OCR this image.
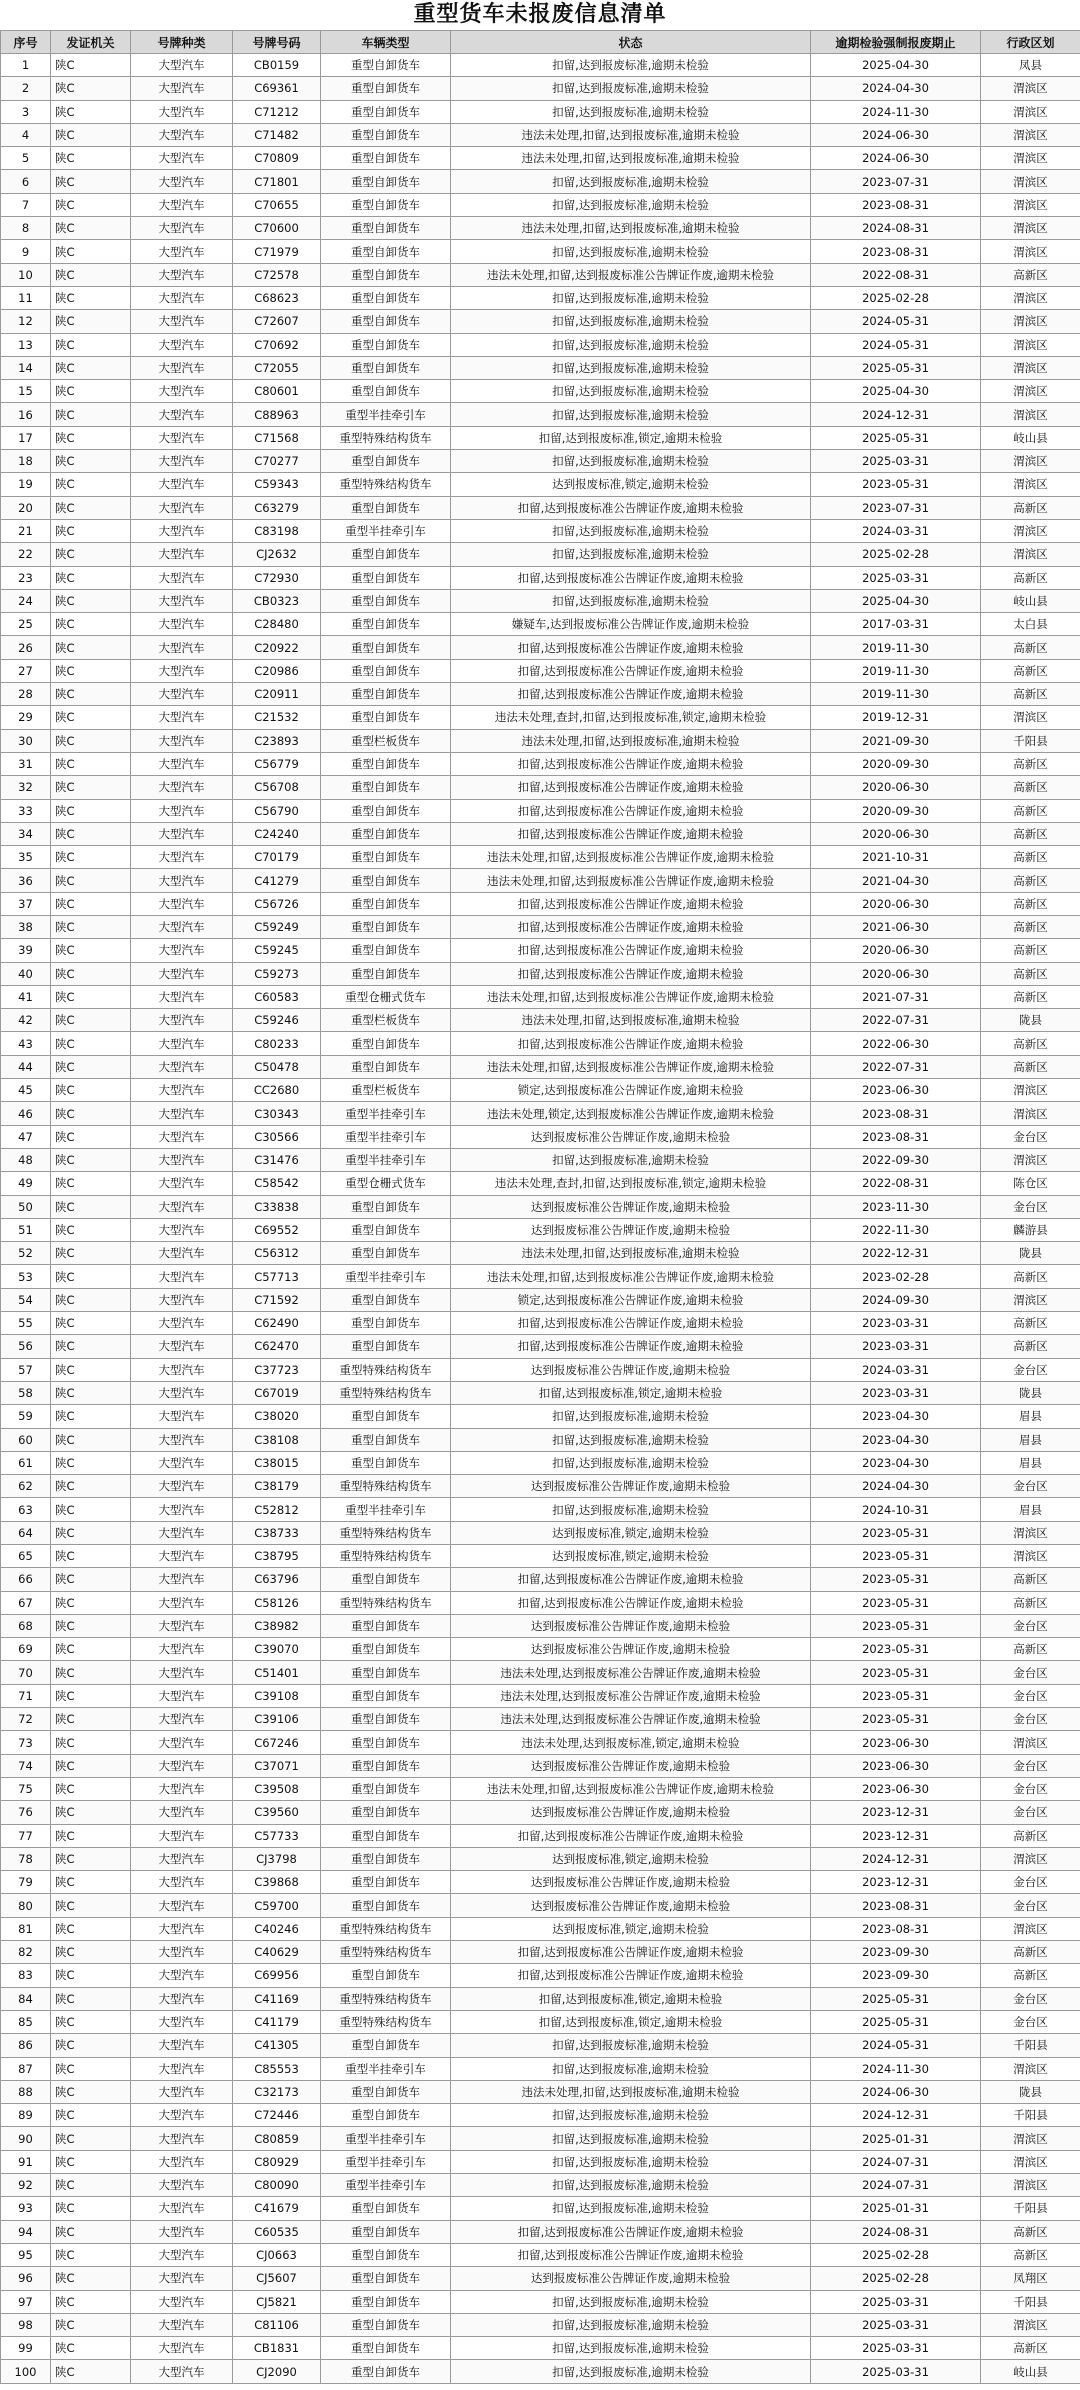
重型货车未报废信息清单
序号	发证机关	号牌种类	号牌号码	车辆类型	状态	逾期检验强制报废期止	行政区划
1	陕C	大型汽车	CB0159	重型自卸货车	扣留,达到报废标准,逾期未检验	2025-04-30	凤县
2	陕C	大型汽车	C69361	重型自卸货车	扣留,达到报废标准,逾期未检验	2024-04-30	渭滨区
3	陕C	大型汽车	C71212	重型自卸货车	扣留,达到报废标准,逾期未检验	2024-11-30	渭滨区
4	陕C	大型汽车	C71482	重型自卸货车	违法未处理,扣留,达到报废标准,逾期未检验	2024-06-30	渭滨区
5	陕C	大型汽车	C70809	重型自卸货车	违法未处理,扣留,达到报废标准,逾期未检验	2024-06-30	渭滨区
6	陕C	大型汽车	C71801	重型自卸货车	扣留,达到报废标准,逾期未检验	2023-07-31	渭滨区
7	陕C	大型汽车	C70655	重型自卸货车	扣留,达到报废标准,逾期未检验	2023-08-31	渭滨区
8	陕C	大型汽车	C70600	重型自卸货车	违法未处理,扣留,达到报废标准,逾期未检验	2024-08-31	渭滨区
9	陕C	大型汽车	C71979	重型自卸货车	扣留,达到报废标准,逾期未检验	2023-08-31	渭滨区
10	陕C	大型汽车	C72578	重型自卸货车	违法未处理,扣留,达到报废标准公告牌证作废,逾期未检验	2022-08-31	高新区
11	陕C	大型汽车	C68623	重型自卸货车	扣留,达到报废标准,逾期未检验	2025-02-28	渭滨区
12	陕C	大型汽车	C72607	重型自卸货车	扣留,达到报废标准,逾期未检验	2024-05-31	渭滨区
13	陕C	大型汽车	C70692	重型自卸货车	扣留,达到报废标准,逾期未检验	2024-05-31	渭滨区
14	陕C	大型汽车	C72055	重型自卸货车	扣留,达到报废标准,逾期未检验	2025-05-31	渭滨区
15	陕C	大型汽车	C80601	重型自卸货车	扣留,达到报废标准,逾期未检验	2025-04-30	渭滨区
16	陕C	大型汽车	C88963	重型半挂牵引车	扣留,达到报废标准,逾期未检验	2024-12-31	渭滨区
17	陕C	大型汽车	C71568	重型特殊结构货车	扣留,达到报废标准,锁定,逾期未检验	2025-05-31	岐山县
18	陕C	大型汽车	C70277	重型自卸货车	扣留,达到报废标准,逾期未检验	2025-03-31	渭滨区
19	陕C	大型汽车	C59343	重型特殊结构货车	达到报废标准,锁定,逾期未检验	2023-05-31	渭滨区
20	陕C	大型汽车	C63279	重型自卸货车	扣留,达到报废标准公告牌证作废,逾期未检验	2023-07-31	高新区
21	陕C	大型汽车	C83198	重型半挂牵引车	扣留,达到报废标准,逾期未检验	2024-03-31	渭滨区
22	陕C	大型汽车	CJ2632	重型自卸货车	扣留,达到报废标准,逾期未检验	2025-02-28	渭滨区
23	陕C	大型汽车	C72930	重型自卸货车	扣留,达到报废标准公告牌证作废,逾期未检验	2025-03-31	高新区
24	陕C	大型汽车	CB0323	重型自卸货车	扣留,达到报废标准,逾期未检验	2025-04-30	岐山县
25	陕C	大型汽车	C28480	重型自卸货车	嫌疑车,达到报废标准公告牌证作废,逾期未检验	2017-03-31	太白县
26	陕C	大型汽车	C20922	重型自卸货车	扣留,达到报废标准公告牌证作废,逾期未检验	2019-11-30	高新区
27	陕C	大型汽车	C20986	重型自卸货车	扣留,达到报废标准公告牌证作废,逾期未检验	2019-11-30	高新区
28	陕C	大型汽车	C20911	重型自卸货车	扣留,达到报废标准公告牌证作废,逾期未检验	2019-11-30	高新区
29	陕C	大型汽车	C21532	重型自卸货车	违法未处理,查封,扣留,达到报废标准,锁定,逾期未检验	2019-12-31	渭滨区
30	陕C	大型汽车	C23893	重型栏板货车	违法未处理,扣留,达到报废标准,逾期未检验	2021-09-30	千阳县
31	陕C	大型汽车	C56779	重型自卸货车	扣留,达到报废标准公告牌证作废,逾期未检验	2020-09-30	高新区
32	陕C	大型汽车	C56708	重型自卸货车	扣留,达到报废标准公告牌证作废,逾期未检验	2020-06-30	高新区
33	陕C	大型汽车	C56790	重型自卸货车	扣留,达到报废标准公告牌证作废,逾期未检验	2020-09-30	高新区
34	陕C	大型汽车	C24240	重型自卸货车	扣留,达到报废标准公告牌证作废,逾期未检验	2020-06-30	高新区
35	陕C	大型汽车	C70179	重型自卸货车	违法未处理,扣留,达到报废标准公告牌证作废,逾期未检验	2021-10-31	高新区
36	陕C	大型汽车	C41279	重型自卸货车	违法未处理,扣留,达到报废标准公告牌证作废,逾期未检验	2021-04-30	高新区
37	陕C	大型汽车	C56726	重型自卸货车	扣留,达到报废标准公告牌证作废,逾期未检验	2020-06-30	高新区
38	陕C	大型汽车	C59249	重型自卸货车	扣留,达到报废标准公告牌证作废,逾期未检验	2021-06-30	高新区
39	陕C	大型汽车	C59245	重型自卸货车	扣留,达到报废标准公告牌证作废,逾期未检验	2020-06-30	高新区
40	陕C	大型汽车	C59273	重型自卸货车	扣留,达到报废标准公告牌证作废,逾期未检验	2020-06-30	高新区
41	陕C	大型汽车	C60583	重型仓栅式货车	违法未处理,扣留,达到报废标准公告牌证作废,逾期未检验	2021-07-31	高新区
42	陕C	大型汽车	C59246	重型栏板货车	违法未处理,扣留,达到报废标准,逾期未检验	2022-07-31	陇县
43	陕C	大型汽车	C80233	重型自卸货车	扣留,达到报废标准公告牌证作废,逾期未检验	2022-06-30	高新区
44	陕C	大型汽车	C50478	重型自卸货车	违法未处理,扣留,达到报废标准公告牌证作废,逾期未检验	2022-07-31	高新区
45	陕C	大型汽车	CC2680	重型栏板货车	锁定,达到报废标准公告牌证作废,逾期未检验	2023-06-30	渭滨区
46	陕C	大型汽车	C30343	重型半挂牵引车	违法未处理,锁定,达到报废标准公告牌证作废,逾期未检验	2023-08-31	渭滨区
47	陕C	大型汽车	C30566	重型半挂牵引车	达到报废标准公告牌证作废,逾期未检验	2023-08-31	金台区
48	陕C	大型汽车	C31476	重型半挂牵引车	扣留,达到报废标准,逾期未检验	2022-09-30	渭滨区
49	陕C	大型汽车	C58542	重型仓栅式货车	违法未处理,查封,扣留,达到报废标准,锁定,逾期未检验	2022-08-31	陈仓区
50	陕C	大型汽车	C33838	重型自卸货车	达到报废标准公告牌证作废,逾期未检验	2023-11-30	金台区
51	陕C	大型汽车	C69552	重型自卸货车	达到报废标准公告牌证作废,逾期未检验	2022-11-30	麟游县
52	陕C	大型汽车	C56312	重型自卸货车	违法未处理,扣留,达到报废标准,逾期未检验	2022-12-31	陇县
53	陕C	大型汽车	C57713	重型半挂牵引车	违法未处理,扣留,达到报废标准公告牌证作废,逾期未检验	2023-02-28	高新区
54	陕C	大型汽车	C71592	重型自卸货车	锁定,达到报废标准公告牌证作废,逾期未检验	2024-09-30	渭滨区
55	陕C	大型汽车	C62490	重型自卸货车	扣留,达到报废标准公告牌证作废,逾期未检验	2023-03-31	高新区
56	陕C	大型汽车	C62470	重型自卸货车	扣留,达到报废标准公告牌证作废,逾期未检验	2023-03-31	高新区
57	陕C	大型汽车	C37723	重型特殊结构货车	达到报废标准公告牌证作废,逾期未检验	2024-03-31	金台区
58	陕C	大型汽车	C67019	重型特殊结构货车	扣留,达到报废标准,锁定,逾期未检验	2023-03-31	陇县
59	陕C	大型汽车	C38020	重型自卸货车	扣留,达到报废标准,逾期未检验	2023-04-30	眉县
60	陕C	大型汽车	C38108	重型自卸货车	扣留,达到报废标准,逾期未检验	2023-04-30	眉县
61	陕C	大型汽车	C38015	重型自卸货车	扣留,达到报废标准,逾期未检验	2023-04-30	眉县
62	陕C	大型汽车	C38179	重型特殊结构货车	达到报废标准公告牌证作废,逾期未检验	2024-04-30	金台区
63	陕C	大型汽车	C52812	重型半挂牵引车	扣留,达到报废标准,逾期未检验	2024-10-31	眉县
64	陕C	大型汽车	C38733	重型特殊结构货车	达到报废标准,锁定,逾期未检验	2023-05-31	渭滨区
65	陕C	大型汽车	C38795	重型特殊结构货车	达到报废标准,锁定,逾期未检验	2023-05-31	渭滨区
66	陕C	大型汽车	C63796	重型自卸货车	扣留,达到报废标准公告牌证作废,逾期未检验	2023-05-31	高新区
67	陕C	大型汽车	C58126	重型特殊结构货车	扣留,达到报废标准公告牌证作废,逾期未检验	2023-05-31	高新区
68	陕C	大型汽车	C38982	重型自卸货车	达到报废标准公告牌证作废,逾期未检验	2023-05-31	金台区
69	陕C	大型汽车	C39070	重型自卸货车	达到报废标准公告牌证作废,逾期未检验	2023-05-31	高新区
70	陕C	大型汽车	C51401	重型自卸货车	违法未处理,达到报废标准公告牌证作废,逾期未检验	2023-05-31	金台区
71	陕C	大型汽车	C39108	重型自卸货车	违法未处理,达到报废标准公告牌证作废,逾期未检验	2023-05-31	金台区
72	陕C	大型汽车	C39106	重型自卸货车	违法未处理,达到报废标准公告牌证作废,逾期未检验	2023-05-31	金台区
73	陕C	大型汽车	C67246	重型自卸货车	违法未处理,达到报废标准,锁定,逾期未检验	2023-06-30	渭滨区
74	陕C	大型汽车	C37071	重型自卸货车	达到报废标准公告牌证作废,逾期未检验	2023-06-30	金台区
75	陕C	大型汽车	C39508	重型自卸货车	违法未处理,扣留,达到报废标准公告牌证作废,逾期未检验	2023-06-30	金台区
76	陕C	大型汽车	C39560	重型自卸货车	达到报废标准公告牌证作废,逾期未检验	2023-12-31	金台区
77	陕C	大型汽车	C57733	重型自卸货车	扣留,达到报废标准公告牌证作废,逾期未检验	2023-12-31	高新区
78	陕C	大型汽车	CJ3798	重型自卸货车	达到报废标准,锁定,逾期未检验	2024-12-31	渭滨区
79	陕C	大型汽车	C39868	重型自卸货车	达到报废标准公告牌证作废,逾期未检验	2023-12-31	金台区
80	陕C	大型汽车	C59700	重型自卸货车	达到报废标准公告牌证作废,逾期未检验	2023-08-31	金台区
81	陕C	大型汽车	C40246	重型特殊结构货车	达到报废标准,锁定,逾期未检验	2023-08-31	渭滨区
82	陕C	大型汽车	C40629	重型特殊结构货车	扣留,达到报废标准公告牌证作废,逾期未检验	2023-09-30	高新区
83	陕C	大型汽车	C69956	重型自卸货车	扣留,达到报废标准公告牌证作废,逾期未检验	2023-09-30	高新区
84	陕C	大型汽车	C41169	重型特殊结构货车	扣留,达到报废标准,锁定,逾期未检验	2025-05-31	金台区
85	陕C	大型汽车	C41179	重型特殊结构货车	扣留,达到报废标准,锁定,逾期未检验	2025-05-31	金台区
86	陕C	大型汽车	C41305	重型自卸货车	扣留,达到报废标准,逾期未检验	2024-05-31	千阳县
87	陕C	大型汽车	C85553	重型半挂牵引车	扣留,达到报废标准,逾期未检验	2024-11-30	渭滨区
88	陕C	大型汽车	C32173	重型自卸货车	违法未处理,扣留,达到报废标准,逾期未检验	2024-06-30	陇县
89	陕C	大型汽车	C72446	重型自卸货车	扣留,达到报废标准,逾期未检验	2024-12-31	千阳县
90	陕C	大型汽车	C80859	重型半挂牵引车	扣留,达到报废标准,逾期未检验	2025-01-31	渭滨区
91	陕C	大型汽车	C80929	重型半挂牵引车	扣留,达到报废标准,逾期未检验	2024-07-31	渭滨区
92	陕C	大型汽车	C80090	重型半挂牵引车	扣留,达到报废标准,逾期未检验	2024-07-31	渭滨区
93	陕C	大型汽车	C41679	重型自卸货车	扣留,达到报废标准,逾期未检验	2025-01-31	千阳县
94	陕C	大型汽车	C60535	重型自卸货车	扣留,达到报废标准公告牌证作废,逾期未检验	2024-08-31	高新区
95	陕C	大型汽车	CJ0663	重型自卸货车	扣留,达到报废标准公告牌证作废,逾期未检验	2025-02-28	高新区
96	陕C	大型汽车	CJ5607	重型自卸货车	达到报废标准公告牌证作废,逾期未检验	2025-02-28	凤翔区
97	陕C	大型汽车	CJ5821	重型自卸货车	扣留,达到报废标准,逾期未检验	2025-03-31	千阳县
98	陕C	大型汽车	C81106	重型自卸货车	扣留,达到报废标准,逾期未检验	2025-03-31	渭滨区
99	陕C	大型汽车	CB1831	重型自卸货车	扣留,达到报废标准,逾期未检验	2025-03-31	高新区
100	陕C	大型汽车	CJ2090	重型自卸货车	扣留,达到报废标准,逾期未检验	2025-03-31	岐山县
